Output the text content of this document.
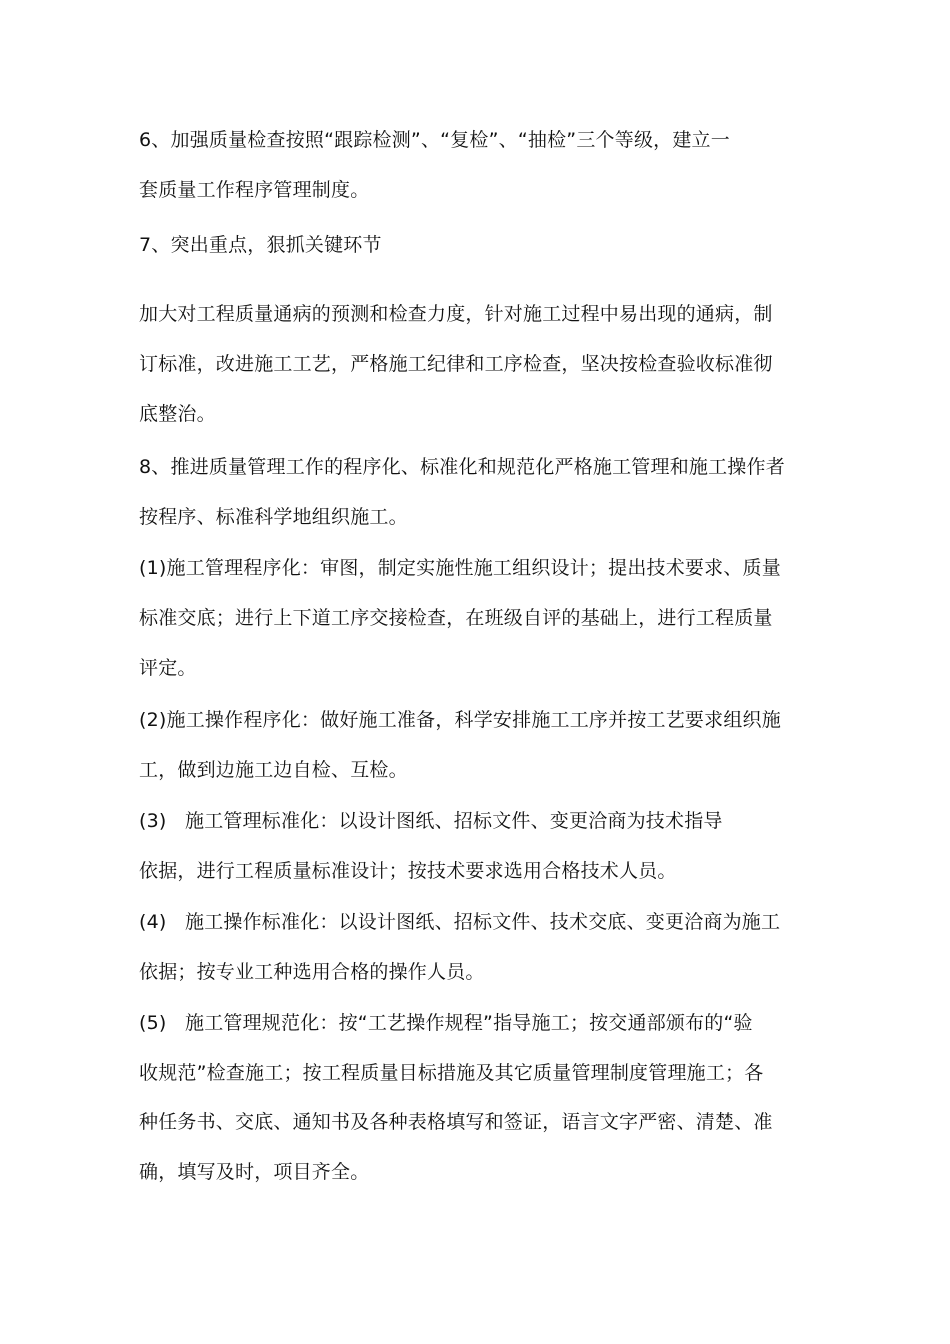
6、加强质量检查按照“跟踪检测”、“复检”、“抽检”三个等级，建立一
套质量工作程序管理制度。
7、突出重点，狠抓关键环节
加大对工程质量通病的预测和检查力度，针对施工过程中易出现的通病，制
订标准，改进施工工艺，严格施工纪律和工序检查，坚决按检查验收标准彻
底整治。
8、推进质量管理工作的程序化、标准化和规范化严格施工管理和施工操作者
按程序、标准科学地组织施工。
(1)施工管理程序化：审图，制定实施性施工组织设计；提出技术要求、质量
标准交底；进行上下道工序交接检查，在班级自评的基础上，进行工程质量
评定。
(2)施工操作程序化：做好施工准备，科学安排施工工序并按工艺要求组织施
工，做到边施工边自检、互检。
(3) 施工管理标准化：以设计图纸、招标文件、变更洽商为技术指导
依据，进行工程质量标准设计；按技术要求选用合格技术人员。
(4) 施工操作标准化：以设计图纸、招标文件、技术交底、变更洽商为施工
依据；按专业工种选用合格的操作人员。
(5) 施工管理规范化：按“工艺操作规程”指导施工；按交通部颁布的“验
收规范”检查施工；按工程质量目标措施及其它质量管理制度管理施工；各
种任务书、交底、通知书及各种表格填写和签证，语言文字严密、清楚、准
确，填写及时，项目齐全。
